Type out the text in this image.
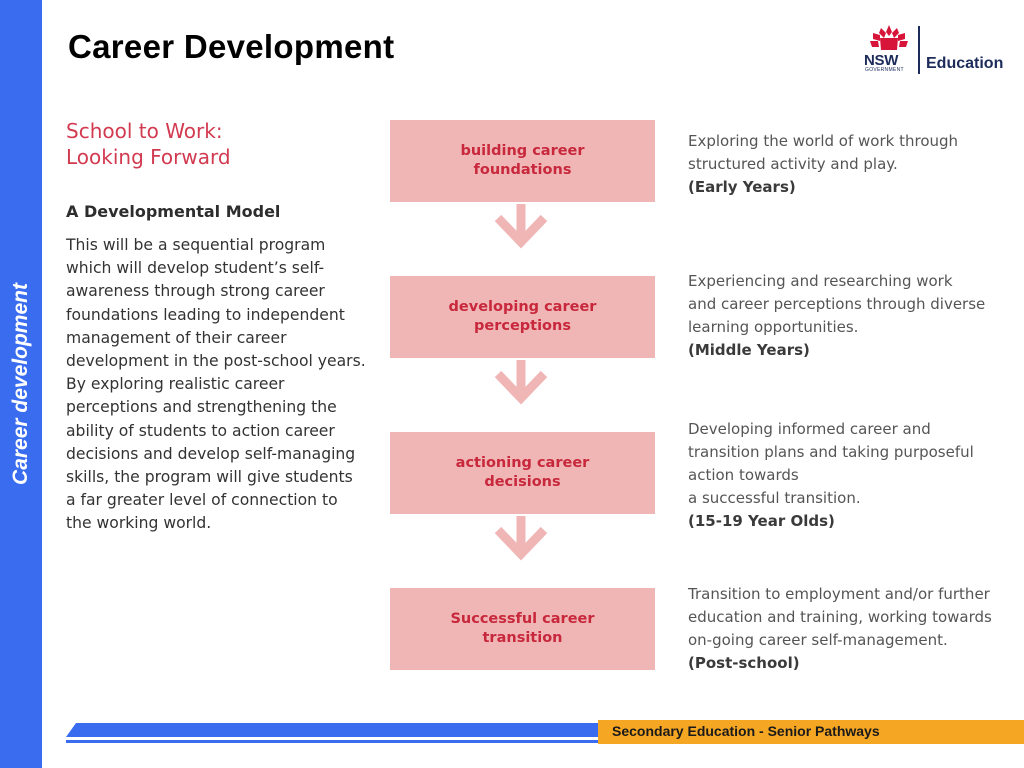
Career development
Career Development	NSW
GOVERNMENT Education
School to Work:
Looking Forward
A Developmental Model
This will be a sequential program which will develop student’s self-awareness through strong career foundations leading to independent management of their career development in the post-school years. By exploring realistic career perceptions and strengthening the ability of students to action career decisions and develop self-managing skills, the program will give students a far greater level of connection to the working world.
building career
foundations
developing career
perceptions
actioning career
decisions
Successful career
transition
Exploring the world of work through
structured activity and play.
(Early Years)
Experiencing and researching work
and career perceptions through diverse
learning opportunities.
(Middle Years)
Developing informed career and
transition plans and taking purposeful
action towards
a successful transition.
(15-19 Year Olds)
Transition to employment and/or further
education and training, working towards
on-going career self-management.
(Post-school)
Secondary Education - Senior Pathways
